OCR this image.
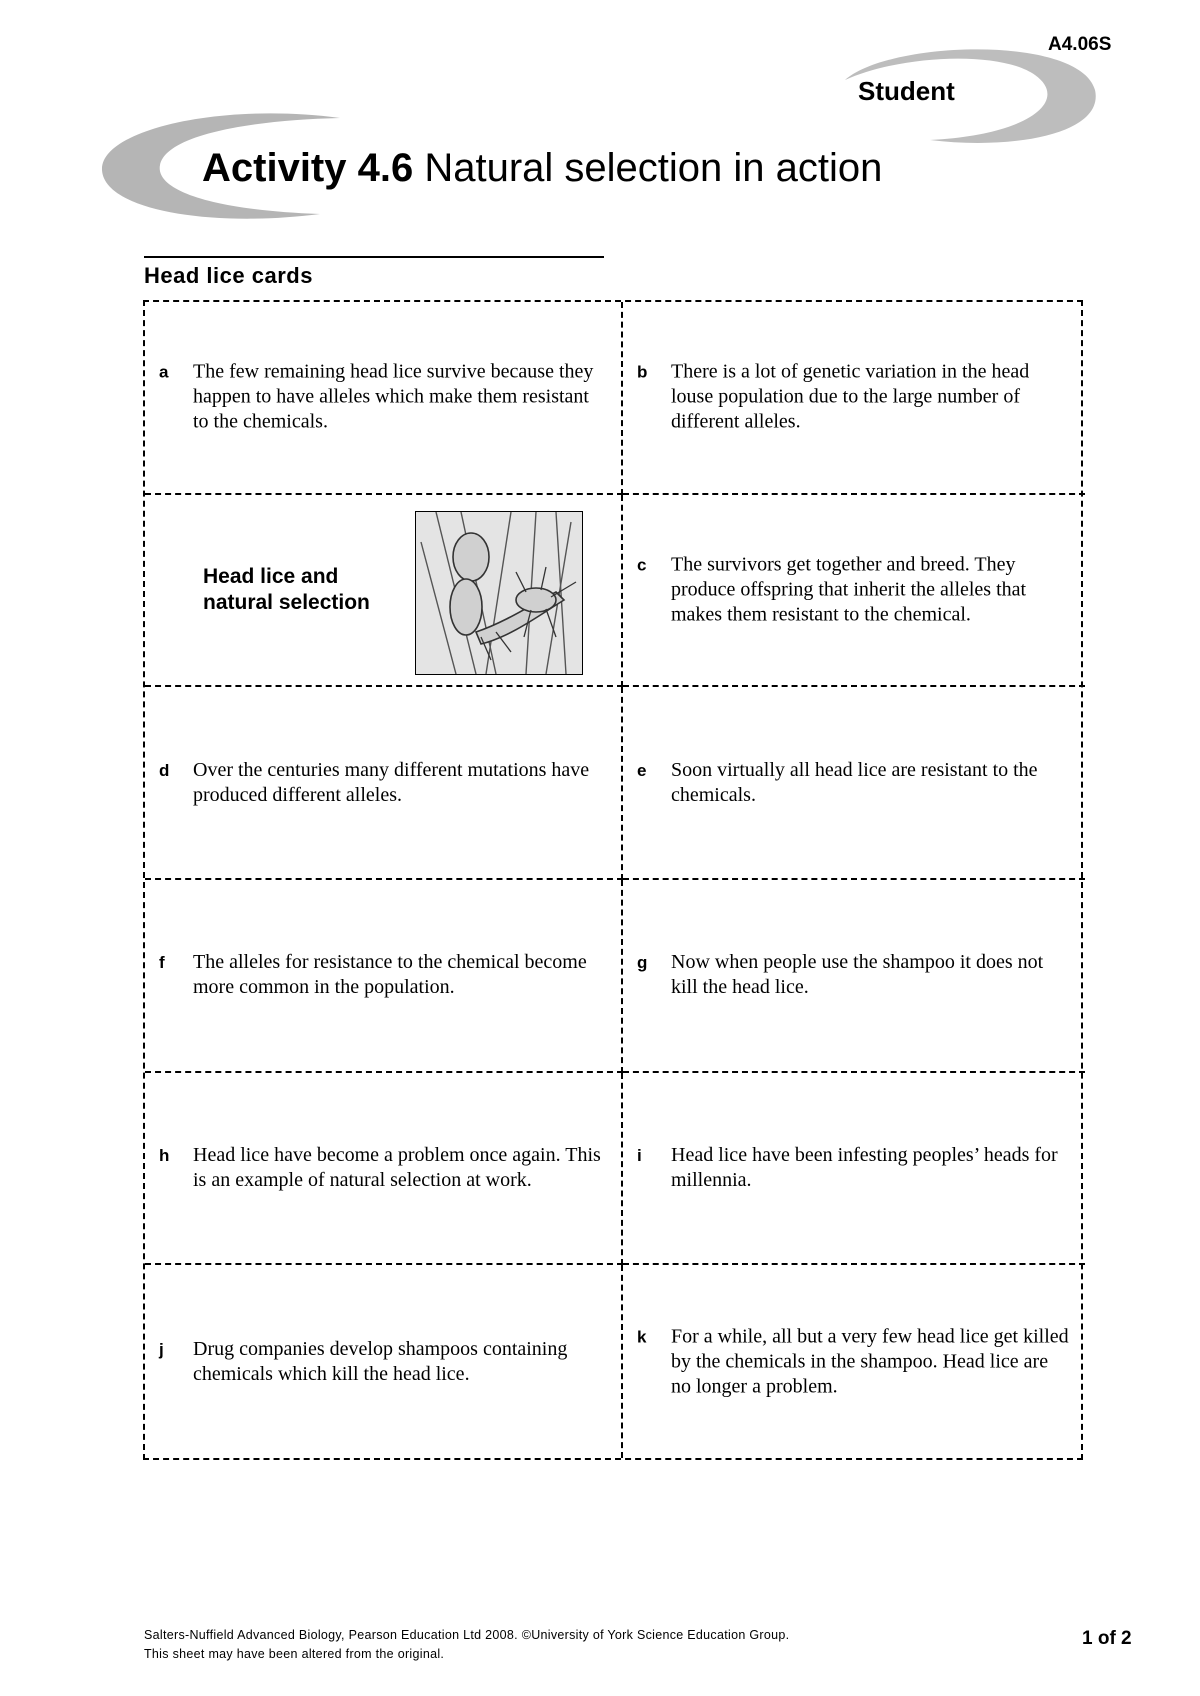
A4.06S
Student
Activity 4.6 Natural selection in action
Head lice cards
a	The few remaining head lice survive because they happen to have alleles which make them resistant to the chemicals.
b	There is a lot of genetic variation in the head louse population due to the large number of different alleles.
Head lice and
natural selection
c	The survivors get together and breed. They produce offspring that inherit the alleles that makes them resistant to the chemical.
d	Over the centuries many different mutations have produced different alleles.
e	Soon virtually all head lice are resistant to the chemicals.
f	The alleles for resistance to the chemical become more common in the population.
g	Now when people use the shampoo it does not kill the head lice.
h	Head lice have become a problem once again. This is an example of natural selection at work.
i	Head lice have been infesting peoples’ heads for millennia.
j	Drug companies develop shampoos containing chemicals which kill the head lice.
k	For a while, all but a very few head lice get killed by the chemicals in the shampoo. Head lice are no longer a problem.
Salters-Nuffield Advanced Biology, Pearson Education Ltd 2008. ©University of York Science Education Group.
This sheet may have been altered from the original.
1 of 2
